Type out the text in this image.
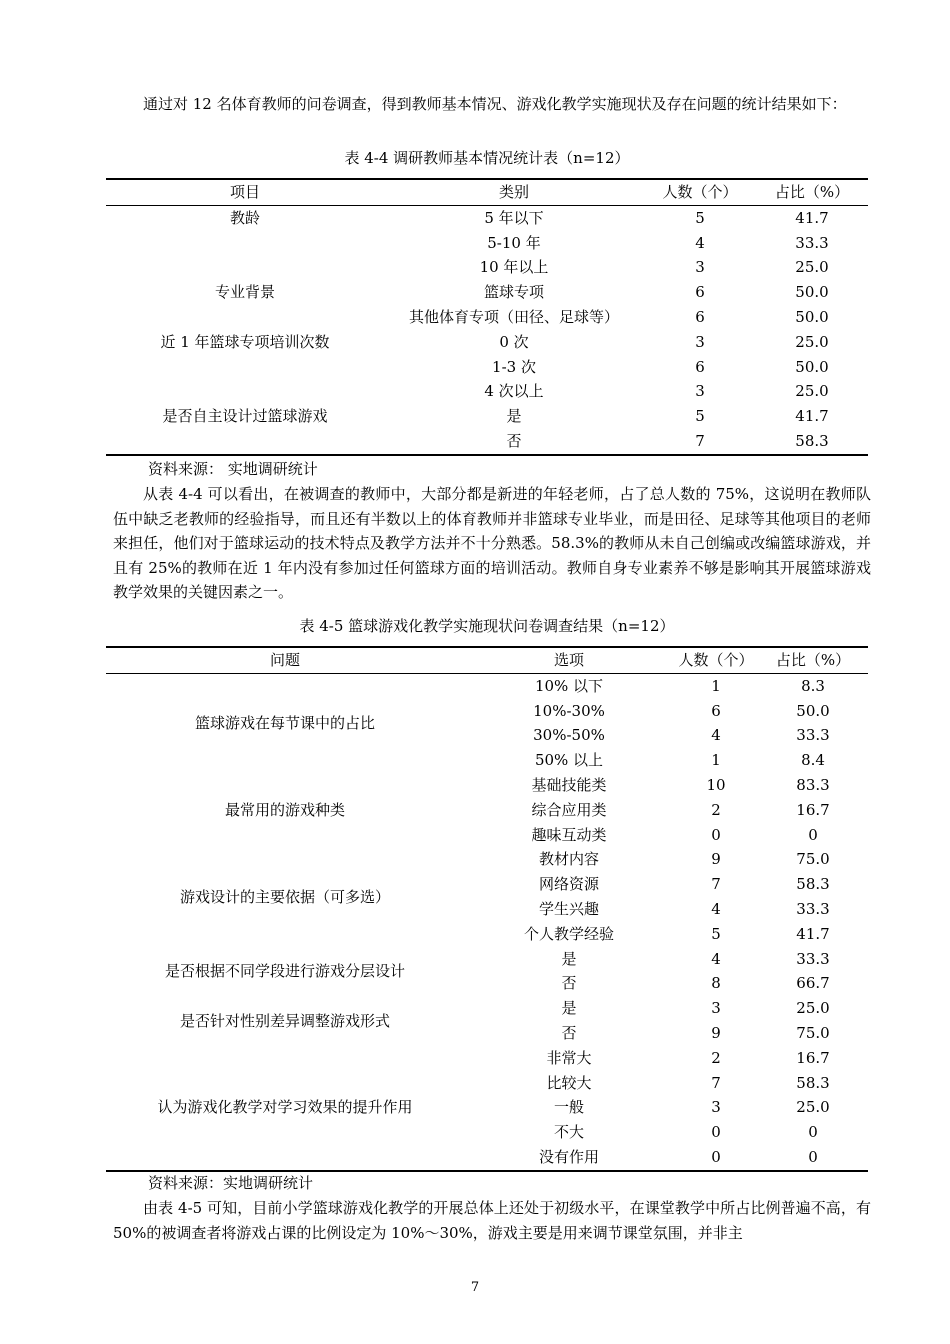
通过对 12 名体育教师的问卷调查，得到教师基本情况、游戏化教学实施现状及存在问题的统计结果如下：

表 4-4 调研教师基本情况统计表（n=12）
项目	类别	人数（个）	占比（%）
教龄	5 年以下	5	41.7
	5-10 年	4	33.3
	10 年以上	3	25.0
专业背景	篮球专项	6	50.0
	其他体育专项（田径、足球等）	6	50.0
近 1 年篮球专项培训次数	0 次	3	25.0
	1-3 次	6	50.0
	4 次以上	3	25.0
是否自主设计过篮球游戏	是	5	41.7
	否	7	58.3
资料来源： 实地调研统计

从表 4-4 可以看出，在被调查的教师中，大部分都是新进的年轻老师，占了总人数的 75%，这说明在教师队伍中缺乏老教师的经验指导，而且还有半数以上的体育教师并非篮球专业毕业，而是田径、足球等其他项目的老师来担任，他们对于篮球运动的技术特点及教学方法并不十分熟悉。58.3%的教师从未自己创编或改编篮球游戏，并且有 25%的教师在近 1 年内没有参加过任何篮球方面的培训活动。教师自身专业素养不够是影响其开展篮球游戏教学效果的关键因素之一。

表 4-5 篮球游戏化教学实施现状问卷调查结果（n=12）
问题	选项	人数（个）	占比（%）
篮球游戏在每节课中的占比	10% 以下	1	8.3
	10%-30%	6	50.0
	30%-50%	4	33.3
	50% 以上	1	8.4
最常用的游戏种类	基础技能类	10	83.3
	综合应用类	2	16.7
	趣味互动类	0	0
游戏设计的主要依据（可多选）	教材内容	9	75.0
	网络资源	7	58.3
	学生兴趣	4	33.3
	个人教学经验	5	41.7
是否根据不同学段进行游戏分层设计	是	4	33.3
	否	8	66.7
是否针对性别差异调整游戏形式	是	3	25.0
	否	9	75.0
认为游戏化教学对学习效果的提升作用	非常大	2	16.7
	比较大	7	58.3
	一般	3	25.0
	不大	0	0
	没有作用	0	0
资料来源：实地调研统计

由表 4-5 可知，目前小学篮球游戏化教学的开展总体上还处于初级水平，在课堂教学中所占比例普遍不高，有 50%的被调查者将游戏占课的比例设定为 10%～30%，游戏主要是用来调节课堂氛围，并非主

7
